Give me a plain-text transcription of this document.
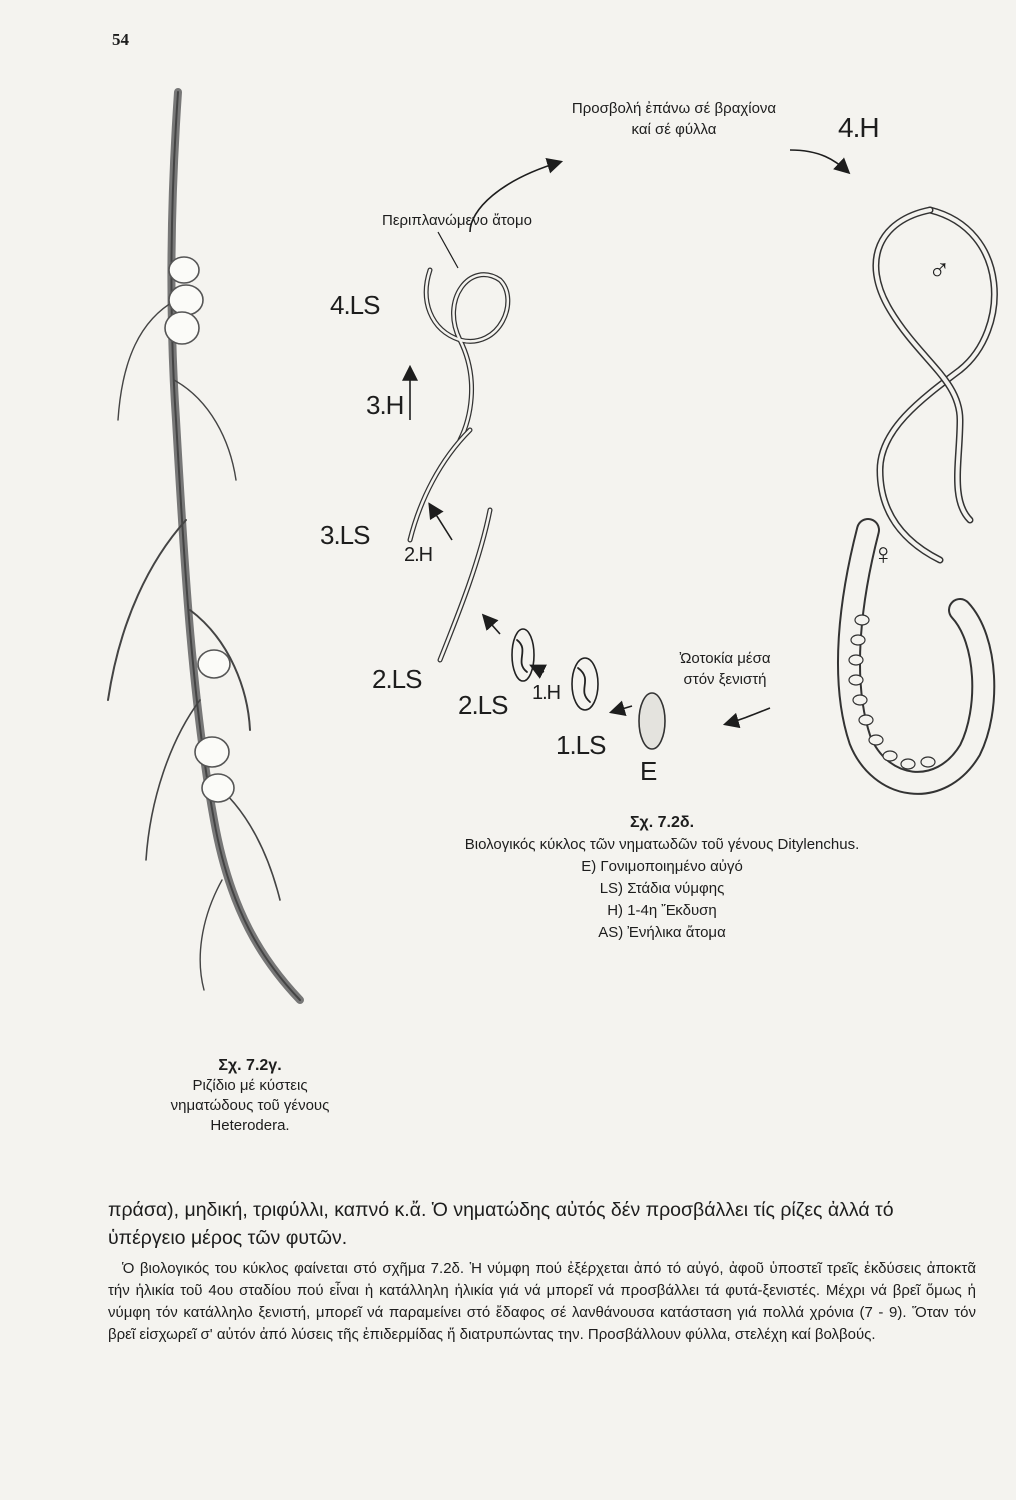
54
4.H
4.LS
3.H
3.LS
2.H
2.LS
2.LS 1.H
1.LS
E
Προσβολή ἐπάνω σέ βραχίονα
καί σέ φύλλα
Περιπλανώμενο ἄτομο
Ὠοτοκία μέσα
στόν ξενιστή
♂
♀
Σχ. 7.2δ.
Βιολογικός κύκλος τῶν νηματωδῶν τοῦ γένους Ditylenchus.
Ε) Γονιμοποιημένο αὐγό
LS) Στάδια νύμφης
Η) 1-4η Ἔκδυση
AS) Ἐνήλικα ἄτομα
Σχ. 7.2γ.
Ριζίδιο μέ κύστεις
νηματώδους τοῦ γένους
Heterodera.

πράσα), μηδική, τριφύλλι, καπνό κ.ἄ. Ὁ νηματώδης αὐτός δέν προσβάλλει τίς ρίζες ἀλλά τό ὑπέργειο μέρος τῶν φυτῶν.

Ὁ βιολογικός του κύκλος φαίνεται στό σχῆμα 7.2δ. Ἡ νύμφη πού ἐξέρχεται ἀπό τό αὐγό, ἀφοῦ ὑποστεῖ τρεῖς ἐκδύσεις ἀποκτᾶ τήν ἡλικία τοῦ 4ου σταδίου πού εἶναι ἡ κατάλληλη ἡλικία γιά νά μπορεῖ νά προσβάλλει τά φυτά-ξενιστές. Μέχρι νά βρεῖ ὅμως ἡ νύμφη τόν κατάλληλο ξενιστή, μπορεῖ νά παραμείνει στό ἔδαφος σέ λανθάνουσα κατάσταση γιά πολλά χρόνια (7 - 9). Ὅταν τόν βρεῖ εἰσχωρεῖ σ' αὐτόν ἀπό λύσεις τῆς ἐπιδερμίδας ἤ διατρυπώντας την. Προσβάλλουν φύλλα, στελέχη καί βολβούς.
